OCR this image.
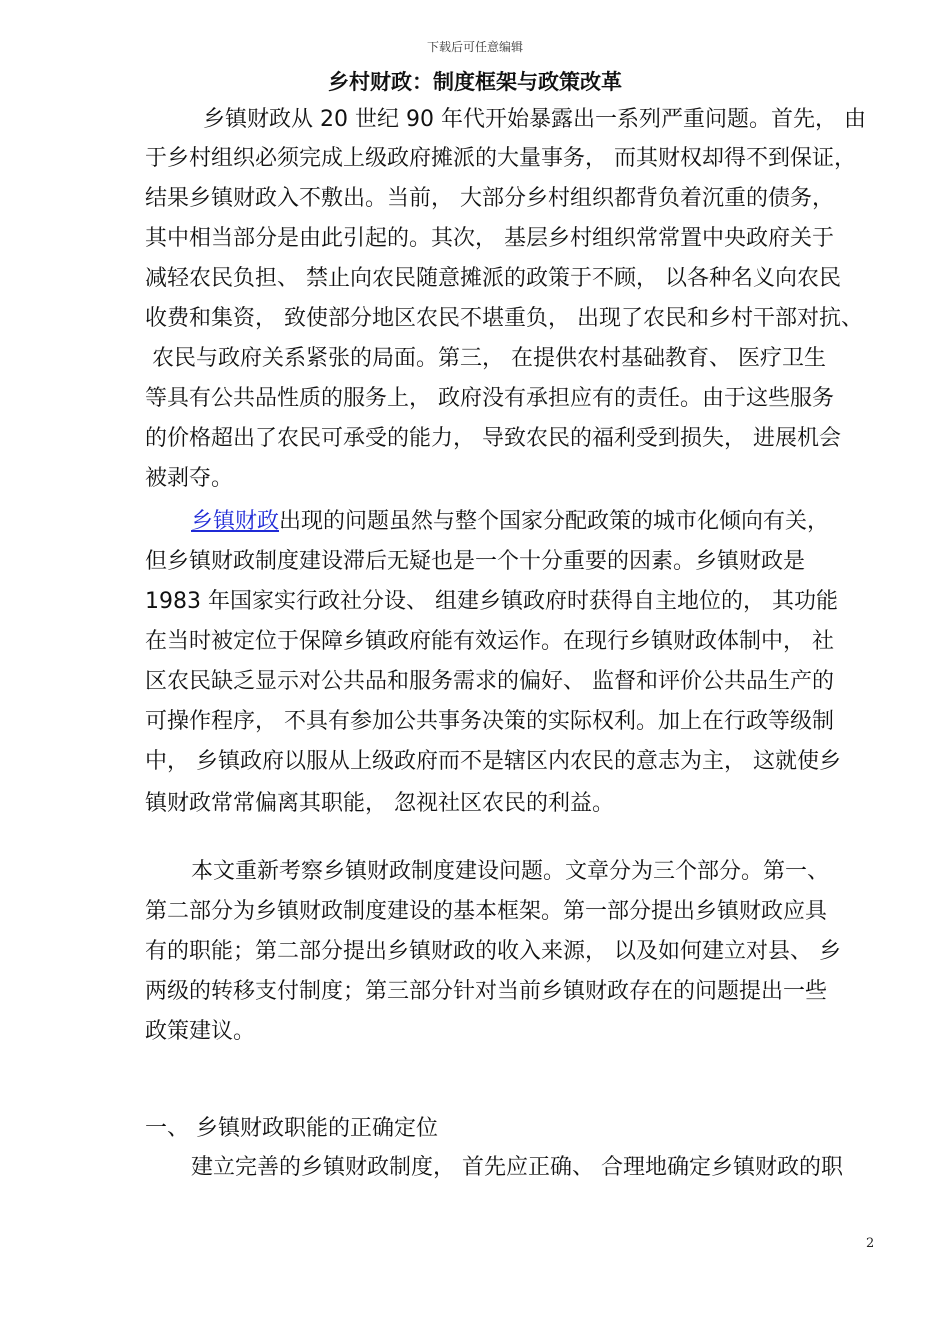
下载后可任意编辑
乡村财政：制度框架与政策改革
乡镇财政从 20 世纪 90 年代开始暴露出一系列严重问题。首先， 由
于乡村组织必须完成上级政府摊派的大量事务， 而其财权却得不到保证，
结果乡镇财政入不敷出。当前， 大部分乡村组织都背负着沉重的债务，
其中相当部分是由此引起的。其次， 基层乡村组织常常置中央政府关于
减轻农民负担、 禁止向农民随意摊派的政策于不顾， 以各种名义向农民
收费和集资， 致使部分地区农民不堪重负， 出现了农民和乡村干部对抗、
农民与政府关系紧张的局面。第三， 在提供农村基础教育、 医疗卫生
等具有公共品性质的服务上， 政府没有承担应有的责任。由于这些服务
的价格超出了农民可承受的能力， 导致农民的福利受到损失， 进展机会
被剥夺。
乡镇财政出现的问题虽然与整个国家分配政策的城市化倾向有关，
但乡镇财政制度建设滞后无疑也是一个十分重要的因素。乡镇财政是
1983 年国家实行政社分设、 组建乡镇政府时获得自主地位的， 其功能
在当时被定位于保障乡镇政府能有效运作。在现行乡镇财政体制中， 社
区农民缺乏显示对公共品和服务需求的偏好、 监督和评价公共品生产的
可操作程序， 不具有参加公共事务决策的实际权利。加上在行政等级制
中， 乡镇政府以服从上级政府而不是辖区内农民的意志为主， 这就使乡
镇财政常常偏离其职能， 忽视社区农民的利益。
本文重新考察乡镇财政制度建设问题。文章分为三个部分。第一、
第二部分为乡镇财政制度建设的基本框架。第一部分提出乡镇财政应具
有的职能；第二部分提出乡镇财政的收入来源， 以及如何建立对县、 乡
两级的转移支付制度；第三部分针对当前乡镇财政存在的问题提出一些
政策建议。
一、 乡镇财政职能的正确定位
建立完善的乡镇财政制度， 首先应正确、 合理地确定乡镇财政的职
2
